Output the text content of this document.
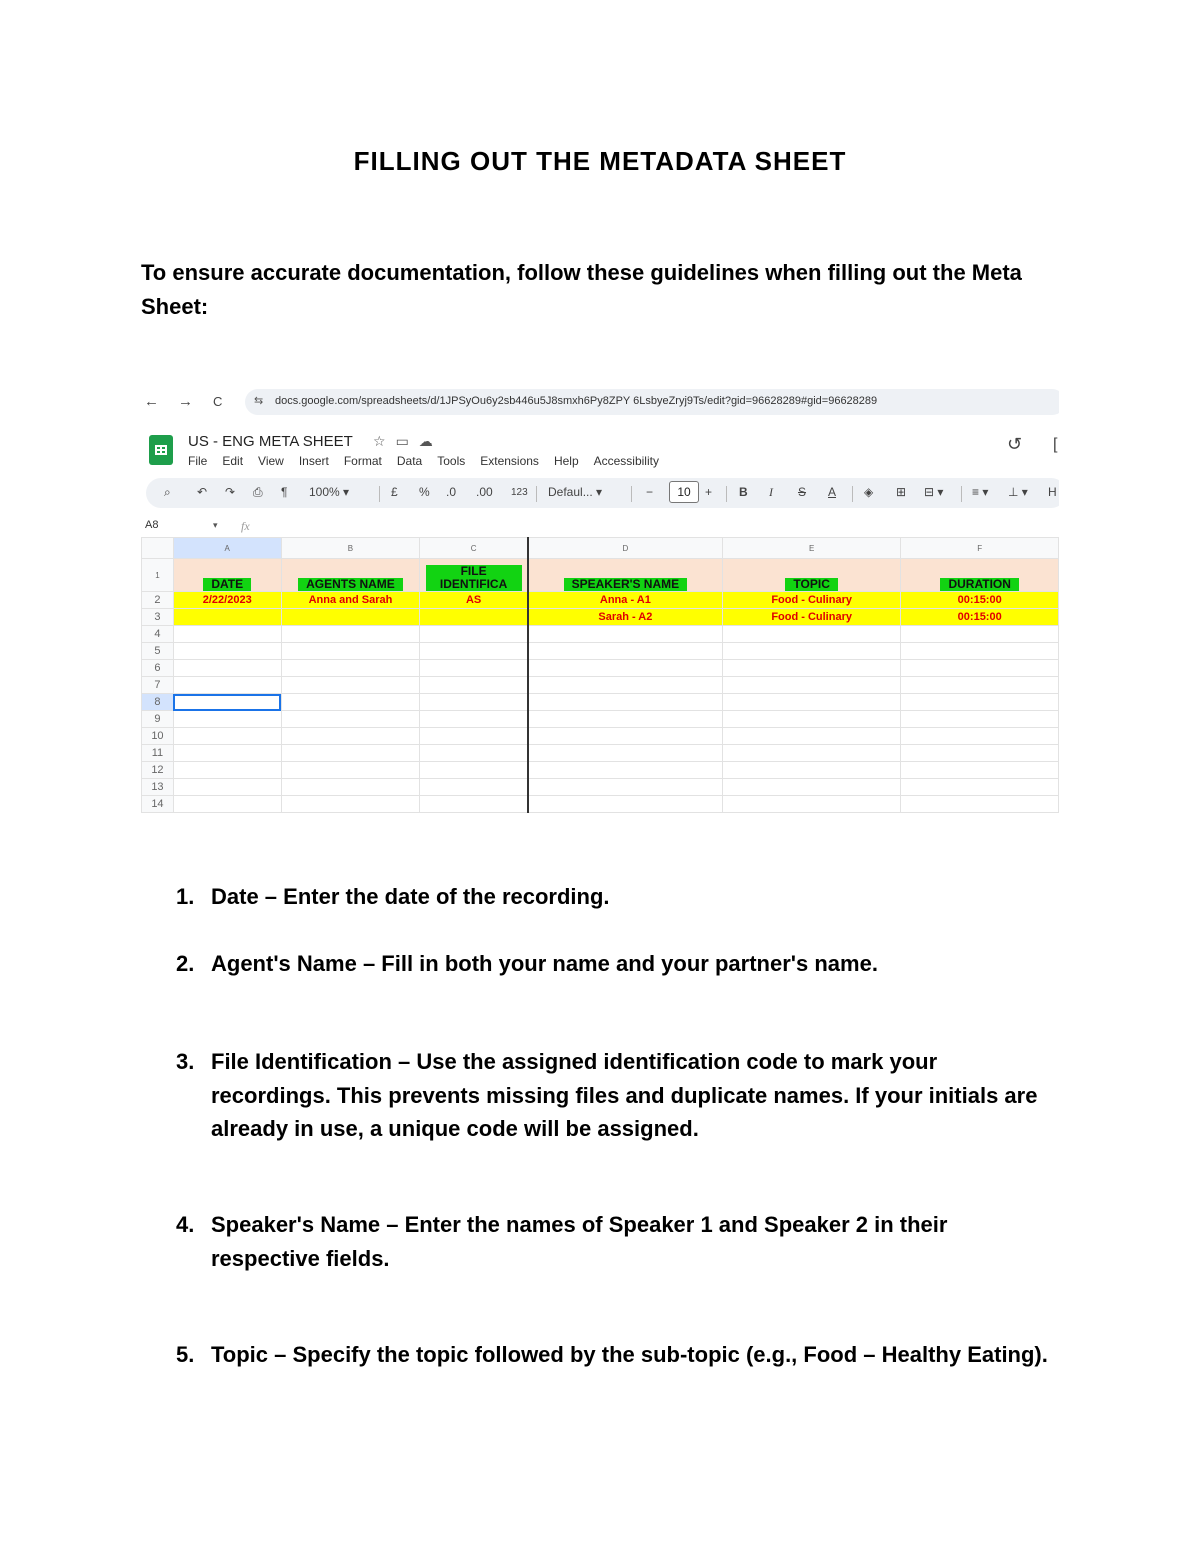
FILLING OUT THE METADATA SHEET
To ensure accurate documentation, follow these guidelines when filling out the Meta Sheet:
← → C	⇆ docs.google.com/spreadsheets/d/1JPSyOu6y2sb446u5J8smxh6Py8ZPY 6LsbyeZryj9Ts/edit?gid=96628289#gid=96628289
US - ENG META SHEET ☆▭☁
File Edit View Insert Format Data Tools Extensions Help Accessibility
↺ [
⌕ ↶ ↷ ⎙ ¶ 100% ▾	£ % .0 .00 123 Defaul... ▾	−	10	+ B I S A ◈ ⊞ ⊟ ▾ ≡ ▾ ⊥ ▾ H
A8	▾ fx
	A	B	C	D	E	F
1	DATE	AGENTS NAME	FILE IDENTIFICA	SPEAKER'S NAME	TOPIC	DURATION
2	2/22/2023	Anna and Sarah	AS	Anna - A1	Food - Culinary	00:15:00
3				Sarah - A2	Food - Culinary	00:15:00
4						
5						
6						
7						
8	

9						
10						
11						
12						
13						
14						
1. Date – Enter the date of the recording.
2. Agent's Name – Fill in both your name and your partner's name.
3. File Identification – Use the assigned identification code to mark your recordings. This prevents missing files and duplicate names. If your initials are already in use, a unique code will be assigned.
4. Speaker's Name – Enter the names of Speaker 1 and Speaker 2 in their respective fields.
5. Topic – Specify the topic followed by the sub-topic (e.g., Food – Healthy Eating).
